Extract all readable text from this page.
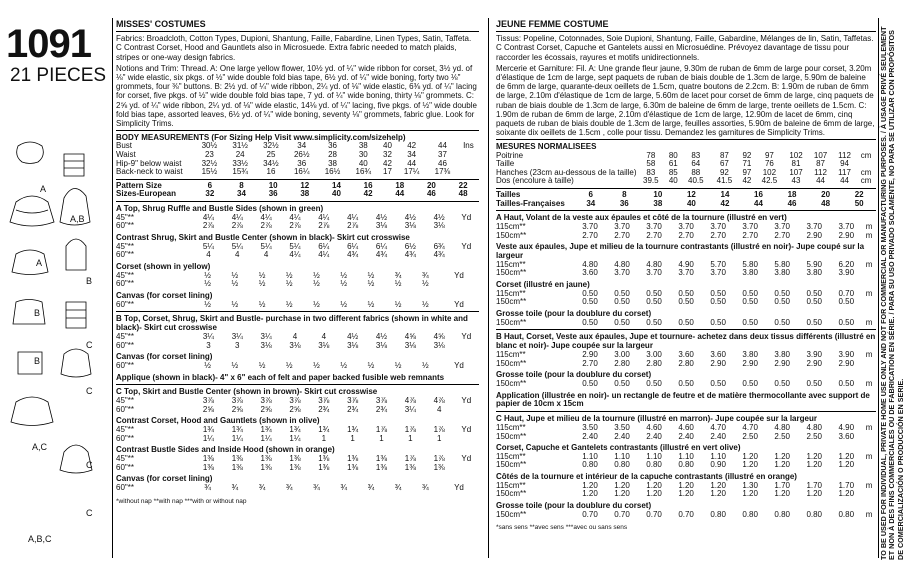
1091
21 PIECES
A
A,B
A
B
B
C
B
C
A,C
C
C
A,B,C
MISSES' COSTUMES
Fabrics: Broadcloth, Cotton Types, Dupioni, Shantung, Faille, Fabardine, Linen Types, Satin, Taffeta. C Contrast Corset, Hood and Gauntlets also in Microsuede. Extra fabric needed to match plaids, stripes or one-way design fabrics.
Notions and Trim: Thread. A: One large yellow flower, 10½ yd. of ¼" wide ribbon for corset, 3½ yd. of ⅛" wide elastic, six pkgs. of ½" wide double fold bias tape, 6½ yd. of ¼" wide boning, forty two ⅛" grommets, four ⅜" buttons. B: 2½ yd. of ¼" wide ribbon, 2¼ yd. of ⅛" wide elastic, 6⅜ yd. of ¼" lacing for corset, five pkgs. of ½" wide double fold bias tape, 7 yd. of ¼" wide boning, thirty ⅛" grommets. C: 2⅝ yd. of ¼" wide ribbon, 2¼ yd. of ⅛" wide elastic, 14⅛ yd. of ¼" lacing, five pkgs. of ½" wide double fold bias tape, assorted leaves, 6½ yd. of ¼" wide boning, seventy ⅛" grommets, fabric glue. Look for Simplicity Trims.
BODY MEASUREMENTS (For Sizing Help Visit www.simplicity.com/sizehelp)
Bust	30½	31½	32½	34	36	38	40	42	44	Ins
Waist	23	24	25	26½	28	30	32	34	37	
Hip-9" below waist	32½	33½	34½	36	38	40	42	44	46	
Back-neck to waist	15½	15¾	16	16¼	16½	16¾	17	17¼	17⅜	
Pattern Size	6	8	10	12	14	16	18	20	22
Sizes-European	32	34	36	38	40	42	44	46	48
A Top, Shrug Ruffle and Bustle Sides (shown in green)
45"**	4¼	4¼	4¼	4¼	4¼	4¼	4½	4½	4½	Yd
60"**	2⅞	2⅞	2⅞	2⅞	2⅞	2⅞	3⅛	3⅛	3⅛	
Contrast Shrug, Skirt and Bustle Center (shown in black)- Skirt cut crosswise
45"**	5¼	5¼	5¼	5¼	6¼	6¼	6¼	6½	6¾	Yd
60"**	4	4	4	4¼	4¼	4¾	4¾	4¾	4¾	
Corset (shown in yellow)
45"**	½	½	½	½	½	½	½	¾	¾	Yd
60"**	½	½	½	½	½	½	½	½	½	
Canvas (for corset lining)
60"**	½	½	½	½	½	½	½	½	½	Yd
B Top, Corset, Shrug, Skirt and Bustle- purchase in two different fabrics (shown in white and black)- Skirt cut crosswise
45"**	3¼	3¼	3¼	4	4	4½	4½	4⅝	4⅝	Yd
60"**	3	3	3⅛	3⅛	3⅛	3⅛	3⅛	3⅛	3⅛	
Canvas (for corset lining)
60"**	½	½	½	½	½	½	½	½	½	Yd
Applique (shown in black)- 4" x 6" each of felt and paper backed fusible web remnants
C Top, Skirt and Bustle Center (shown in brown)- Skirt cut crosswise
45"**	3⅞	3⅞	3⅞	3⅞	3⅞	3⅞	3⅞	4⅞	4⅞	Yd
60"**	2⅝	2⅝	2⅝	2⅝	2¾	2¾	2¾	3¼	4	
Contrast Corset, Hood and Gauntlets (shown in olive)
45"**	1¾	1¾	1¾	1¾	1¾	1¾	1⅞	1⅞	1⅞	Yd
60"**	1¼	1¼	1¼	1¼	1	1	1	1	1	
Contrast Bustle Sides and Inside Hood (shown in orange)
45"**	1⅜	1⅜	1⅜	1⅜	1⅜	1⅜	1⅜	1⅞	1⅞	Yd
60"**	1⅜	1⅜	1⅜	1⅜	1⅜	1⅜	1⅜	1⅜	1⅜	
Canvas (for corset lining)
60"**	¾	¾	¾	¾	¾	¾	¾	¾	¾	Yd
*without nap **with nap ***with or without nap
JEUNE FEMME COSTUME
Tissus: Popeline, Cotonnades, Soie Dupioni, Shantung, Faille, Gabardine, Mélanges de lin, Satin, Taffetas. C Contrast Corset, Capuche et Gantelets aussi en Microsuédine. Prévoyez davantage de tissu pour raccorder les écossais, rayures et motifs unidirectionnels.
Mercerie et Garniture: Fil. A: Une grande fleur jaune, 9.30m de ruban de 6mm de large pour corset, 3.20m d'élastique de 1cm de large, sept paquets de ruban de biais double de 1.3cm de large, 5.90m de baleine de 6mm de large, quarante-deux oeillets de 1.5cm, quatre boutons de 2.2cm. B: 1.90m de ruban de 6mm de large, 2.10m d'élastique de 1cm de large, 5.60m de lacet pour corset de 6mm de large, cinq paquets de ruban de biais double de 1.3cm de large, 6.30m de baleine de 6mm de large, trente oeillets de 1.5cm. C: 1.90m de ruban de 6mm de large, 2.10m d'élastique de 1cm de large, 12.90m de lacet de 6mm, cinq paquets de ruban de biais double de 1.3cm de large, feuilles assorties, 5.90m de baleine de 6mm de large, soixante dix oeillets de 1.5cm , colle pour tissu. Demandez les garnitures de Simplicity Trims.
MESURES NORMALISEES
Poitrine	78	80	83	87	92	97	102	107	112	cm
Taille	58	61	64	67	71	76	81	87	94	
Hanches (23cm au-dessous de la taille)	83	85	88	92	97	102	107	112	117	cm
Dos (encolure à taille)	39.5	40	40.5	41.5	42	42.5	43	44	44	cm
Tailles	6	8	10	12	14	16	18	20	22
Tailles-Françaises	34	36	38	40	42	44	46	48	50
A Haut, Volant de la veste aux épaules et côté de la tournure (illustré en vert)
115cm**	3.70	3.70	3.70	3.70	3.70	3.70	3.70	3.70	3.70	m
150cm**	2.70	2.70	2.70	2.70	2.70	2.70	2.70	2.90	2.90	m
Veste aux épaules, Jupe et milieu de la tournure contrastants (illustré en noir)- Jupe coupé sur la largeur
115cm**	4.80	4.80	4.80	4.90	5.70	5.80	5.80	5.90	6.20	m
150cm**	3.60	3.70	3.70	3.70	3.70	3.80	3.80	3.80	3.90	
Corset (illustré en jaune)
115cm**	0.50	0.50	0.50	0.50	0.50	0.50	0.50	0.50	0.70	m
150cm**	0.50	0.50	0.50	0.50	0.50	0.50	0.50	0.50	0.50	
Grosse toile (pour la doublure du corset)
150cm**	0.50	0.50	0.50	0.50	0.50	0.50	0.50	0.50	0.50	m
B Haut, Corset, Veste aux épaules, Jupe et tournure- achetez dans deux tissus différents (illustré en blanc et noir)- Jupe coupée sur la largeur
115cm**	2.90	3.00	3.00	3.60	3.60	3.80	3.80	3.90	3.90	m
150cm**	2.70	2.80	2.80	2.80	2.90	2.90	2.90	2.90	2.90	
Grosse toile (pour la doublure du corset)
150cm**	0.50	0.50	0.50	0.50	0.50	0.50	0.50	0.50	0.50	m
Application (illustrée en noir)- un rectangle de feutre et de matière thermocollante avec support de papier de 10cm x 15cm
C Haut, Jupe et milieu de la tournure (illustré en marron)- Jupe coupée sur la largeur
115cm**	3.50	3.50	4.60	4.60	4.70	4.70	4.80	4.80	4.90	m
150cm**	2.40	2.40	2.40	2.40	2.40	2.50	2.50	2.50	3.60	
Corset, Capuche et Gantelets contrastants (illustré en vert olive)
115cm**	1.10	1.10	1.10	1.10	1.10	1.20	1.20	1.20	1.20	m
150cm**	0.80	0.80	0.80	0.80	0.90	1.20	1.20	1.20	1.20	
Côtés de la tournure et intérieur de la capuche contrastants (illustré en orange)
115cm**	1.20	1.20	1.20	1.20	1.20	1.30	1.70	1.70	1.70	m
150cm**	1.20	1.20	1.20	1.20	1.20	1.20	1.20	1.20	1.20	
Grosse toile (pour la doublure du corset)
150cm**	0.70	0.70	0.70	0.70	0.80	0.80	0.80	0.80	0.80	m
*sans sens **avec sens ***avec ou sans sens	TO BE USED FOR INDIVIDUAL, PRIVATE HOME USE ONLY AND NOT FOR COMMERCIAL OR MANUFACTURING PURPOSES. / À USAGE PRIVÉ SEULEMENT ET NON À DES FINS COMMERCIALES OU DE FABRICATION EN SÉRIE. / PARA SU USO PRIVADO SOLAMENTE, NO PARA SE UTILIZAR CON PROPÓSITOS DE COMERCIALIZACIÓN O PRODUCCIÓN EN SERIE.
